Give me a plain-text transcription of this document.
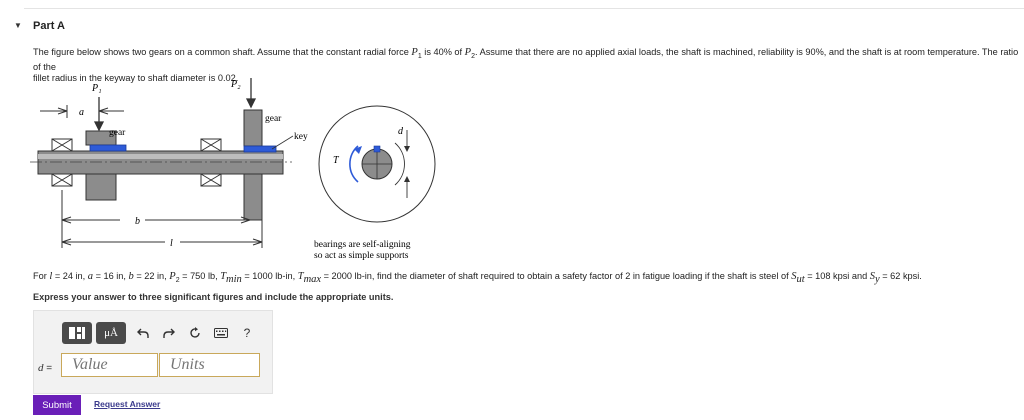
▼ Part A
The figure below shows two gears on a common shaft. Assume that the constant radial force $P_1$ is 40% of $P_2$. Assume that there are no applied axial loads, the shaft is machined, reliability is 90%, and the shaft is at room temperature. The ratio of the
fillet radius in the keyway to shaft diameter is 0.02.
a
P₁	P₂
gear
gear
b
l
key	d
T
bearings are self-aligning
so act as simple supports
For l = 24 in, a = 16 in, b = 22 in, $P_2 = 750$ lb, $T_{min} = 1000$ lb-in, $T_{max} = 2000$ lb-in, find the diameter of shaft required to obtain a safety factor of 2 in fatigue loading if the shaft is steel of $S_{ut} = 108$ kpsi and $S_y = 62$ kpsi.
Express your answer to three significant figures and include the appropriate units.
μÅ	?
d =
Value
Units
Submit	Request Answer
